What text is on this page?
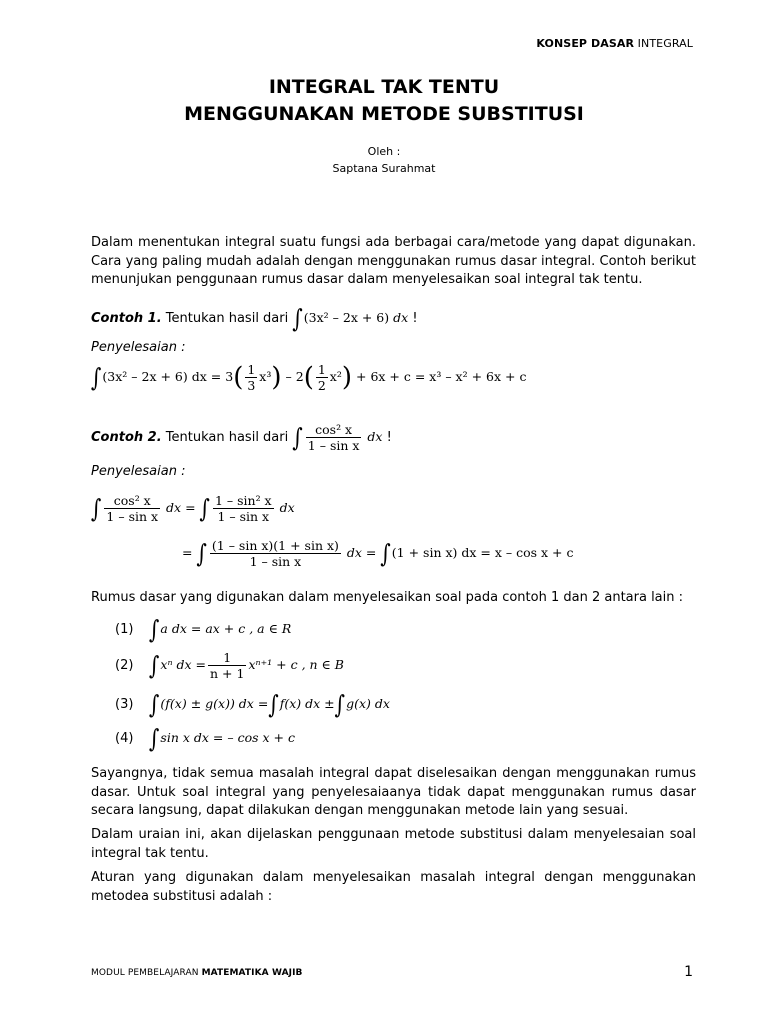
KONSEP DASAR INTEGRAL
INTEGRAL TAK TENTU
MENGGUNAKAN METODE SUBSTITUSI
Oleh :
Saptana Surahmat
Dalam menentukan integral suatu fungsi ada berbagai cara/metode yang dapat digunakan. Cara yang paling mudah adalah dengan menggunakan rumus dasar integral. Contoh berikut menunjukan penggunaan rumus dasar dalam menyelesaikan soal integral tak tentu.
Contoh 1. Tentukan hasil dari ∫(3x² – 2x + 6) dx !
Penyelesaian :
∫(3x² – 2x + 6) dx = $3( \frac{1}{3} x^3) - 2( \frac{1}{2} x^2) + 6x + c = x^3 - x^2 + 6x + c$
Contoh 2. Tentukan hasil dari ∫ $\frac{\text{cos² x}}{\text{1 – sin x}}$ dx !
Penyelesaian :
∫ $\frac{\text{cos² x}}{\text{1 – sin x}}$ dx = ∫ $\frac{\text{1 – sin² x}}{\text{1 – sin x}}$ dx
= ∫ $\frac{\text{(1 – sin x)(1 + sin x)}}{\text{1 – sin x}}$ dx = ∫(1 + sin x) dx = x – cos x + c
Rumus dasar yang digunakan dalam menyelesaikan soal pada contoh 1 dan 2 antara lain :
(1) ∫a dx = ax + c , a ∈ R
(2) ∫xⁿ dx = $\frac{1}{n + 1} x^{n+1} + c$ , n ∈ B
(3) ∫(f(x) ± g(x)) dx =∫f(x) dx ±∫g(x) dx
(4) ∫sin x dx = – cos x + c
Sayangnya, tidak semua masalah integral dapat diselesaikan dengan menggunakan rumus dasar. Untuk soal integral yang penyelesaiaanya tidak dapat menggunakan rumus dasar secara langsung, dapat dilakukan dengan menggunakan metode lain yang sesuai.
Dalam uraian ini, akan dijelaskan penggunaan metode substitusi dalam menyelesaian soal integral tak tentu.
Aturan yang digunakan dalam menyelesaikan masalah integral dengan menggunakan metodea substitusi adalah :
MODUL PEMBELAJARAN MATEMATIKA WAJIB	1
